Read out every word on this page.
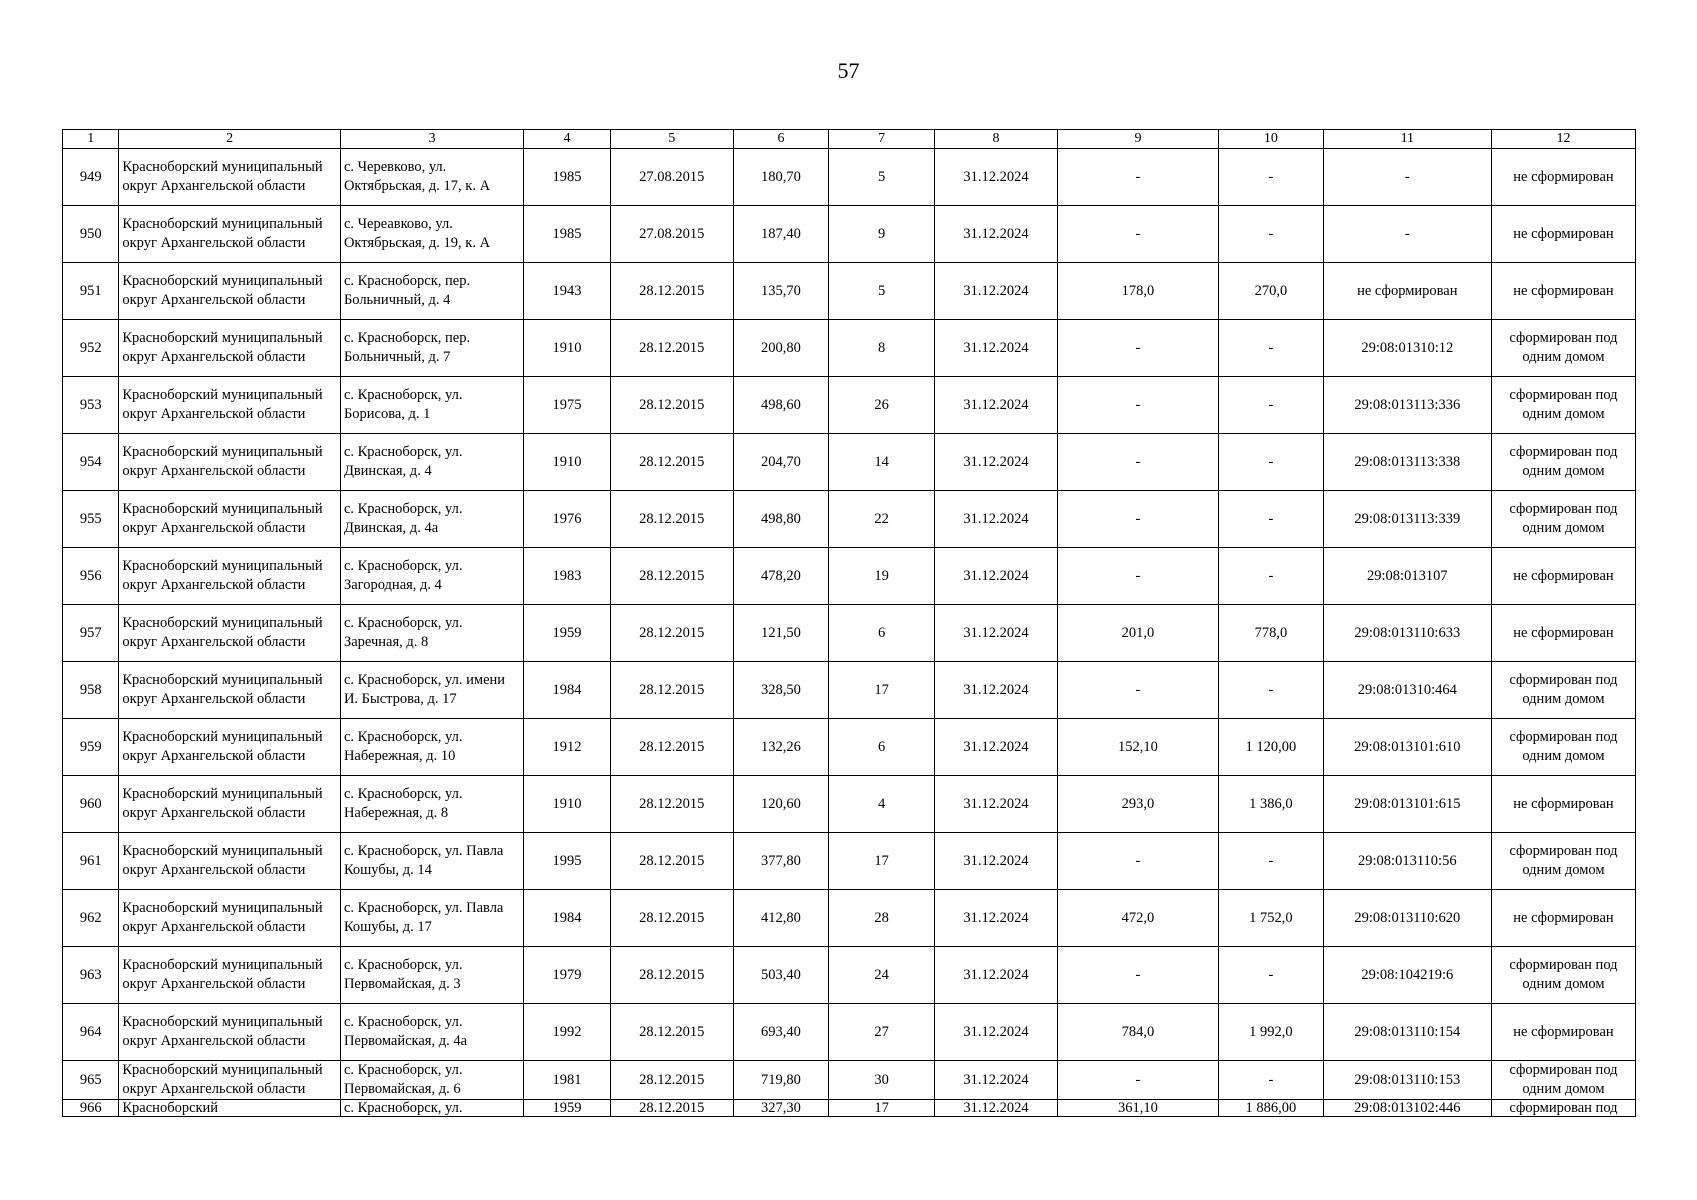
57
1	2	3	4	5	6	7	8	9	10	11	12
949	Красноборский муниципальный округ Архангельской области	с. Черевково, ул. Октябрьская, д. 17, к. А	1985	27.08.2015	180,70	5	31.12.2024	-	-	-	не сформирован
950	Красноборский муниципальный округ Архангельской области	с. Череавково, ул. Октябрьская, д. 19, к. А	1985	27.08.2015	187,40	9	31.12.2024	-	-	-	не сформирован
951	Красноборский муниципальный округ Архангельской области	с. Красноборск, пер. Больничный, д. 4	1943	28.12.2015	135,70	5	31.12.2024	178,0	270,0	не сформирован	не сформирован
952	Красноборский муниципальный округ Архангельской области	с. Красноборск, пер. Больничный, д. 7	1910	28.12.2015	200,80	8	31.12.2024	-	-	29:08:01310:12	сформирован под одним домом
953	Красноборский муниципальный округ Архангельской области	с. Красноборск, ул. Борисова, д. 1	1975	28.12.2015	498,60	26	31.12.2024	-	-	29:08:013113:336	сформирован под одним домом
954	Красноборский муниципальный округ Архангельской области	с. Красноборск, ул. Двинская, д. 4	1910	28.12.2015	204,70	14	31.12.2024	-	-	29:08:013113:338	сформирован под одним домом
955	Красноборский муниципальный округ Архангельской области	с. Красноборск, ул. Двинская, д. 4а	1976	28.12.2015	498,80	22	31.12.2024	-	-	29:08:013113:339	сформирован под одним домом
956	Красноборский муниципальный округ Архангельской области	с. Красноборск, ул. Загородная, д. 4	1983	28.12.2015	478,20	19	31.12.2024	-	-	29:08:013107	не сформирован
957	Красноборский муниципальный округ Архангельской области	с. Красноборск, ул. Заречная, д. 8	1959	28.12.2015	121,50	6	31.12.2024	201,0	778,0	29:08:013110:633	не сформирован
958	Красноборский муниципальный округ Архангельской области	с. Красноборск, ул. имени И. Быстрова, д. 17	1984	28.12.2015	328,50	17	31.12.2024	-	-	29:08:01310:464	сформирован под одним домом
959	Красноборский муниципальный округ Архангельской области	с. Красноборск, ул. Набережная, д. 10	1912	28.12.2015	132,26	6	31.12.2024	152,10	1 120,00	29:08:013101:610	сформирован под одним домом
960	Красноборский муниципальный округ Архангельской области	с. Красноборск, ул. Набережная, д. 8	1910	28.12.2015	120,60	4	31.12.2024	293,0	1 386,0	29:08:013101:615	не сформирован
961	Красноборский муниципальный округ Архангельской области	с. Красноборск, ул. Павла Кошубы, д. 14	1995	28.12.2015	377,80	17	31.12.2024	-	-	29:08:013110:56	сформирован под одним домом
962	Красноборский муниципальный округ Архангельской области	с. Красноборск, ул. Павла Кошубы, д. 17	1984	28.12.2015	412,80	28	31.12.2024	472,0	1 752,0	29:08:013110:620	не сформирован
963	Красноборский муниципальный округ Архангельской области	с. Красноборск, ул. Первомайская, д. 3	1979	28.12.2015	503,40	24	31.12.2024	-	-	29:08:104219:6	сформирован под одним домом
964	Красноборский муниципальный округ Архангельской области	с. Красноборск, ул. Первомайская, д. 4а	1992	28.12.2015	693,40	27	31.12.2024	784,0	1 992,0	29:08:013110:154	не сформирован
965	Красноборский муниципальный округ Архангельской области	с. Красноборск, ул. Первомайская, д. 6	1981	28.12.2015	719,80	30	31.12.2024	-	-	29:08:013110:153	сформирован под одним домом
966	Красноборский	с. Красноборск, ул.	1959	28.12.2015	327,30	17	31.12.2024	361,10	1 886,00	29:08:013102:446	сформирован под
